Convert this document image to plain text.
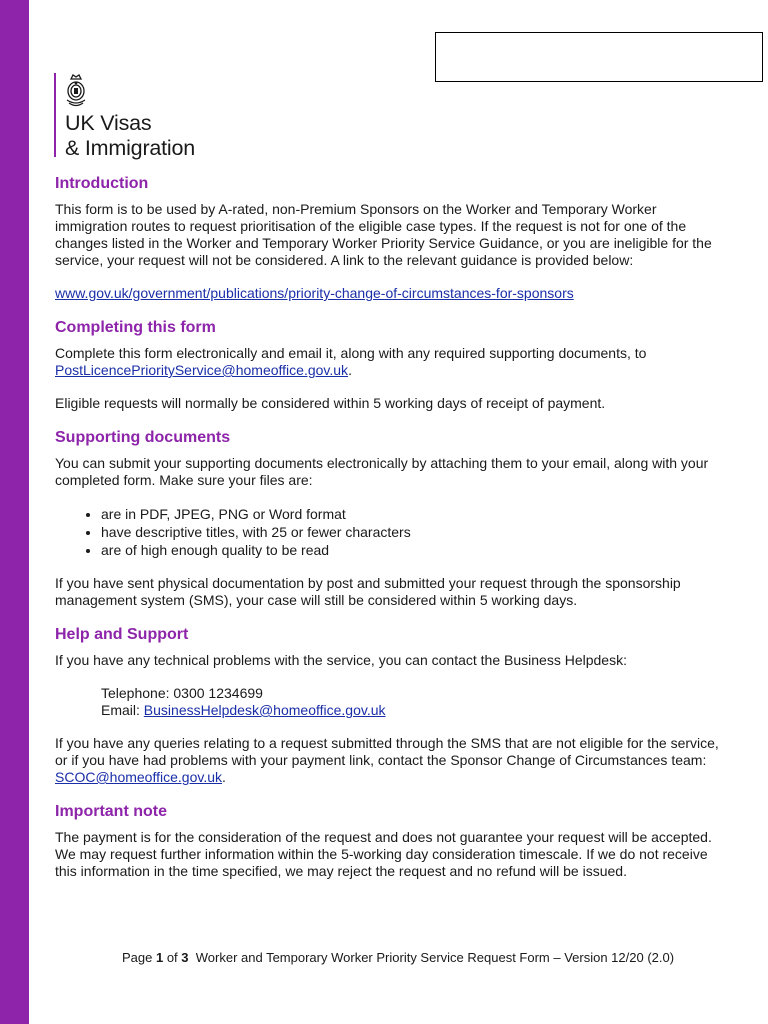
UK Visas
& Immigration
Introduction

This form is to be used by A-rated, non-Premium Sponsors on the Worker and Temporary Worker immigration routes to request prioritisation of the eligible case types. If the request is not for one of the changes listed in the Worker and Temporary Worker Priority Service Guidance, or you are ineligible for the service, your request will not be considered. A link to the relevant guidance is provided below:

www.gov.uk/government/publications/priority-change-of-circumstances-for-sponsors

Completing this form

Complete this form electronically and email it, along with any required supporting documents, to PostLicencePriorityService@homeoffice.gov.uk.

Eligible requests will normally be considered within 5 working days of receipt of payment.

Supporting documents

You can submit your supporting documents electronically by attaching them to your email, along with your completed form. Make sure your files are:

• are in PDF, JPEG, PNG or Word format
• have descriptive titles, with 25 or fewer characters
• are of high enough quality to be read

If you have sent physical documentation by post and submitted your request through the sponsorship management system (SMS), your case will still be considered within 5 working days.

Help and Support

If you have any technical problems with the service, you can contact the Business Helpdesk:

Telephone: 0300 1234699
Email: BusinessHelpdesk@homeoffice.gov.uk

If you have any queries relating to a request submitted through the SMS that are not eligible for the service, or if you have had problems with your payment link, contact the Sponsor Change of Circumstances team: SCOC@homeoffice.gov.uk.

Important note

The payment is for the consideration of the request and does not guarantee your request will be accepted. We may request further information within the 5-working day consideration timescale. If we do not receive this information in the time specified, we may reject the request and no refund will be issued.

Page 1 of 3 Worker and Temporary Worker Priority Service Request Form – Version 12/20 (2.0)
